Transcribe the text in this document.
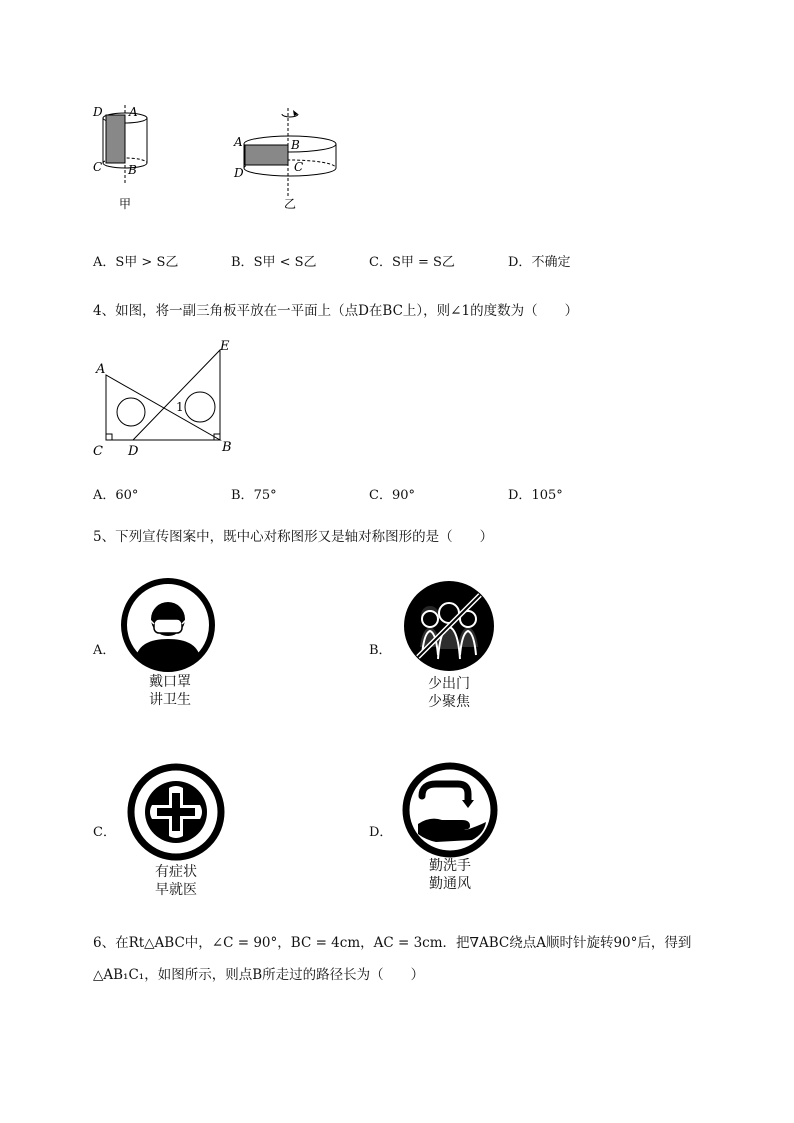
D A
C B
甲
A	B
C
D
乙
A．S甲 > S乙	B．S甲 < S乙	C．S甲 = S乙	D．不确定
4、如图，将一副三角板平放在一平面上（点D在BC上），则∠1的度数为（　　）
A
E
C D	B
1
A．60°	B．75°	C．90°	D．105°
5、下列宣传图案中，既中心对称图形又是轴对称图形的是（　　）
A．
戴口罩
讲卫生
B．
少出门
少聚焦
C．
有症状
早就医
D．
勤洗手
勤通风
6、在Rt△ABC中，∠C = 90°，BC = 4cm，AC = 3cm．把∇ABC绕点A顺时针旋转90°后，得到
△AB₁C₁，如图所示，则点B所走过的路径长为（　　）
